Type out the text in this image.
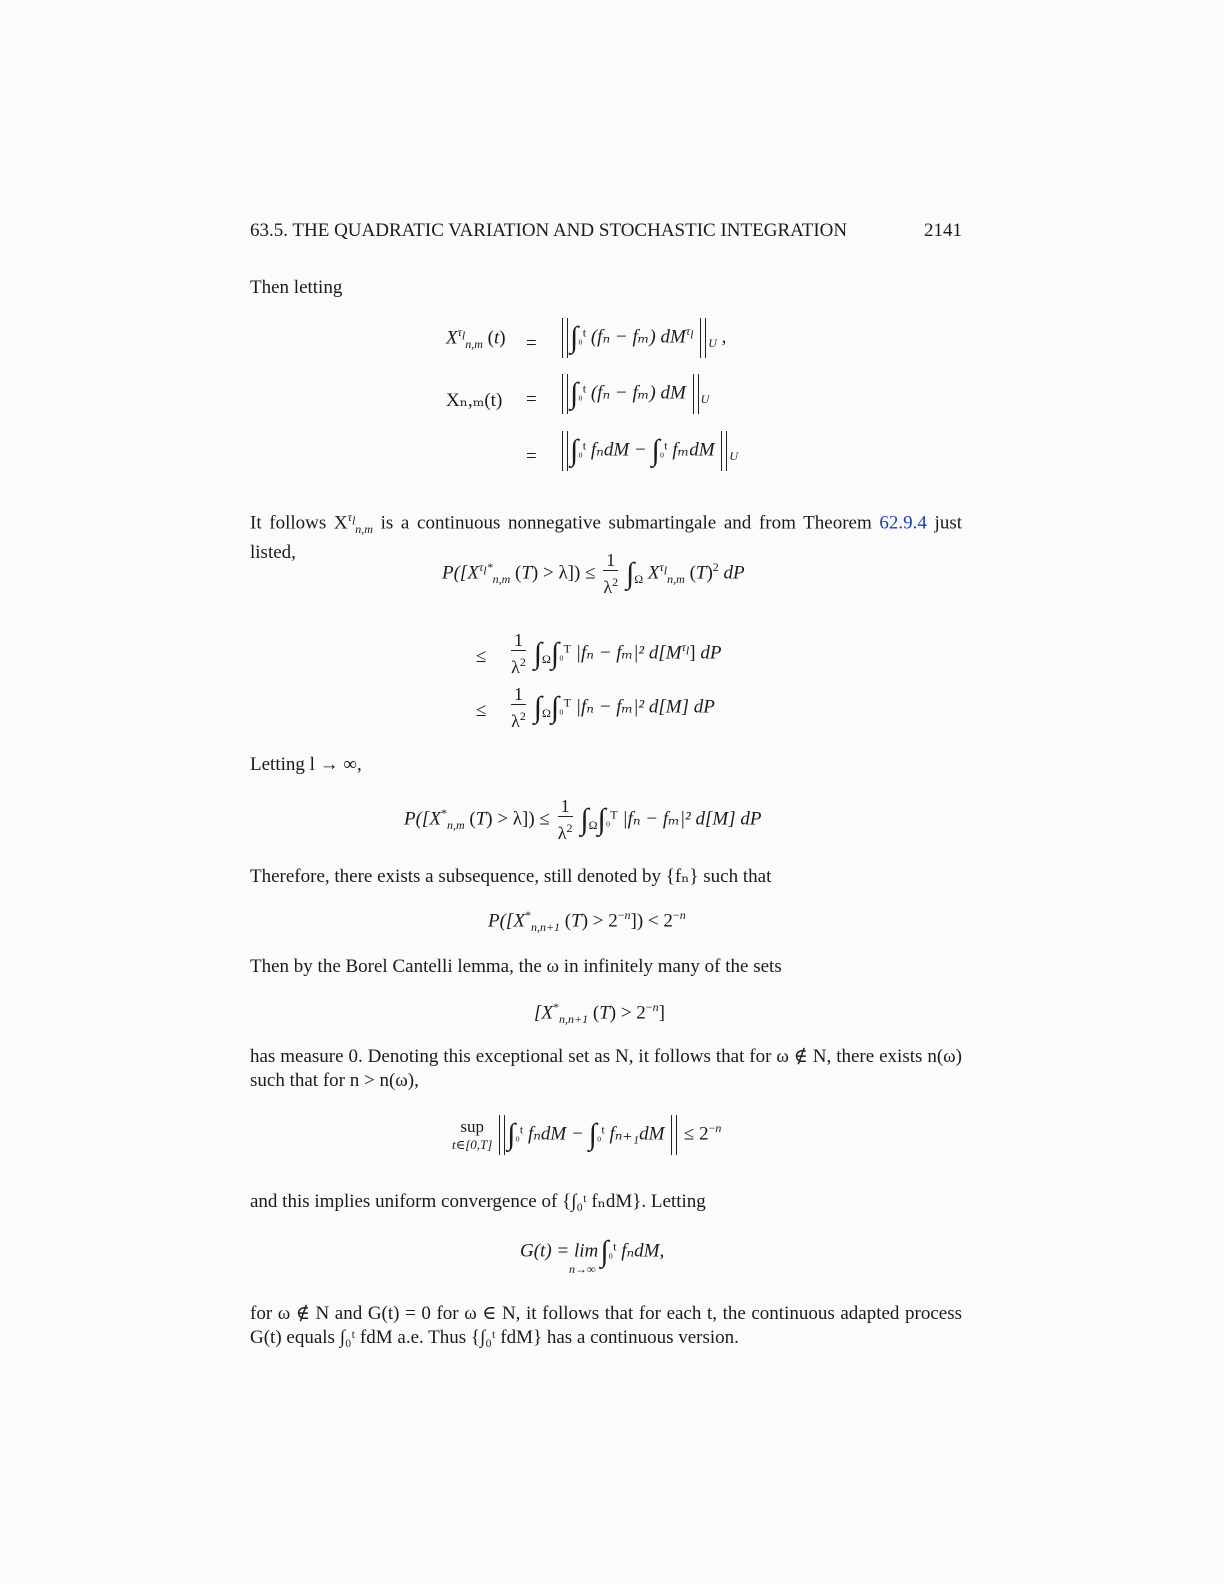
63.5. THE QUADRATIC VARIATION AND STOCHASTIC INTEGRATION	2141
Then letting
$X^{\tau_l}_{n,m}$ (t) =	∫₀$^t$ (fₙ − fₘ) $dM^{\tau_l}$ $_U$ ,
Xₙ,ₘ(t) =	∫₀$^t$ (fₙ − fₘ) dM $_U$
=	∫₀$^t$ fₙdM − ∫₀$^t$ fₘdM $_U$
It follows $X^{\tau_l}_{n,m}$ is a continuous nonnegative submartingale and from Theorem 62.9.4 just listed,
$P([X^{\tau_l*}_{n,m}$ $(T) > \lambda]) \le \frac{1}{\lambda^2} \int_\Omega$ $X^{\tau_l}_{n,m}$ $(T)^2$ dP
≤ $\frac{1}{\lambda^2} \int_\Omega\int_0^T$ |fₙ − fₘ|² $d[M^{\tau_l}]$ dP
≤ $\frac{1}{\lambda^2} \int_\Omega\int_0^T$ |fₙ − fₘ|² d[M] dP
Letting l → ∞,
$P([X^*_{n,m}$ $(T) > \lambda]) \le \frac{1}{\lambda^2} \int_\Omega\int_0^T$ |fₙ − fₘ|² d[M] dP
Therefore, there exists a subsequence, still denoted by {fₙ} such that
$P([X^*_{n,n+1}$ $(T) > 2^{-n}]) < 2^{-n}$
Then by the Borel Cantelli lemma, the ω in infinitely many of the sets
[$X^*_{n,n+1}$ $(T) > 2^{-n}$]
has measure 0. Denoting this exceptional set as N, it follows that for ω ∉ N, there exists n(ω) such that for n > n(ω),
sup
t∈[0,T] ∫₀$^t$ fₙdM − ∫₀$^t$ $f_{n+1}dM \le 2^{-n}$
and this implies uniform convergence of {∫₀ᵗ fₙdM}. Letting
G(t) = lim $_{n\to\infty}$ ∫₀$^t$ fₙdM,
for ω ∉ N and G(t) = 0 for ω ∈ N, it follows that for each t, the continuous adapted process G(t) equals ∫₀ᵗ fdM a.e. Thus {∫₀ᵗ fdM} has a continuous version.
